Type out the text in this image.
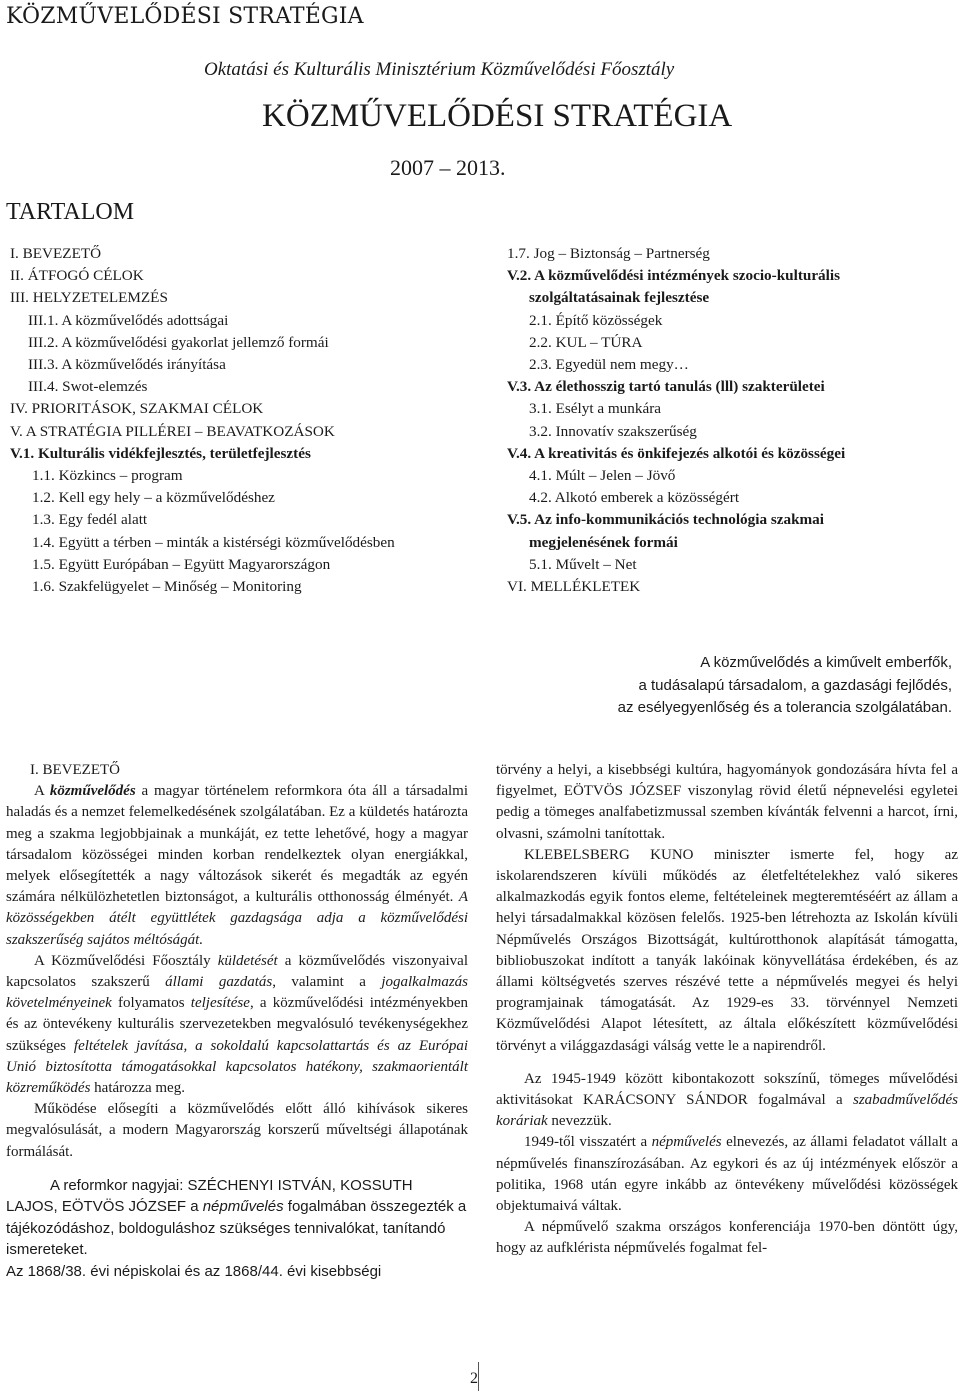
KÖZMŰVELŐDÉSI STRATÉGIA
Oktatási és Kulturális Minisztérium Közművelődési Főosztály
KÖZMŰVELŐDÉSI STRATÉGIA
2007 – 2013.
TARTALOM
I. BEVEZETŐ
II. ÁTFOGÓ CÉLOK
III. HELYZETELEMZÉS
III.1. A közművelődés adottságai
III.2. A közművelődési gyakorlat jellemző formái
III.3. A közművelődés irányítása
III.4. Swot-elemzés
IV. PRIORITÁSOK, SZAKMAI CÉLOK
V. A STRATÉGIA PILLÉREI – BEAVATKOZÁSOK
V.1. Kulturális vidékfejlesztés, területfejlesztés
1.1. Közkincs – program
1.2. Kell egy hely – a közművelődéshez
1.3. Egy fedél alatt
1.4. Együtt a térben – minták a kistérségi közművelődésben
1.5. Együtt Európában – Együtt Magyarországon
1.6. Szakfelügyelet – Minőség – Monitoring
1.7. Jog – Biztonság – Partnerség
V.2. A közművelődési intézmények szocio-kulturális
szolgáltatásainak fejlesztése
2.1. Építő közösségek
2.2. KUL – TÚRA
2.3. Egyedül nem megy…
V.3. Az élethosszig tartó tanulás (lll) szakterületei
3.1. Esélyt a munkára
3.2. Innovatív szakszerűség
V.4. A kreativitás és önkifejezés alkotói és közösségei
4.1. Múlt – Jelen – Jövő
4.2. Alkotó emberek a közösségért
V.5. Az info-kommunikációs technológia szakmai
megjelenésének formái
5.1. Művelt – Net
VI. MELLÉKLETEK
A közművelődés a kiművelt emberfők,
a tudásalapú társadalom, a gazdasági fejlődés,
az esélyegyenlőség és a tolerancia szolgálatában.
I. BEVEZETŐ

A közművelődés a magyar történelem reformkora óta áll a társadalmi haladás és a nemzet felemelkedésének szolgálatában. Ez a küldetés határozta meg a szakma legjobbjainak a munkáját, ez tette lehetővé, hogy a magyar társadalom közösségei minden korban rendelkeztek olyan energiákkal, melyek elősegítették a nagy változások sikerét és megadták az egyén számára nélkülözhetetlen biztonságot, a kulturális otthonosság élményét. A közösségekben átélt együttlétek gazdagsága adja a közművelődési szakszerűség sajátos méltóságát.

A Közművelődési Főosztály küldetését a közművelődés viszonyaival kapcsolatos szakszerű állami gazdatás, valamint a jogalkalmazás követelményeinek folyamatos teljesítése, a közművelődési intézményekben és az öntevékeny kulturális szervezetekben megvalósuló tevékenységekhez szükséges feltételek javítása, a sokoldalú kapcsolattartás és az Európai Unió biztosította támogatásokkal kapcsolatos hatékony, szakmaorientált közreműködés határozza meg.

Működése elősegíti a közművelődés előtt álló kihívások sikeres megvalósulását, a modern Magyarország korszerű műveltségi állapotának formálását.

A reformkor nagyjai: SZÉCHENYI ISTVÁN, KOSSUTH LAJOS, EÖTVÖS JÓZSEF a népművelés fogalmában összegezték a tájékozódáshoz, boldoguláshoz szükséges tennivalókat, tanítandó ismereteket.
Az 1868/38. évi népiskolai és az 1868/44. évi kisebbségi

törvény a helyi, a kisebbségi kultúra, hagyományok gondozására hívta fel a figyelmet, EÖTVÖS JÓZSEF viszonylag rövid életű népnevelési egyletei pedig a tömeges analfabetizmussal szemben kívánták felvenni a harcot, írni, olvasni, számolni tanítottak.

KLEBELSBERG KUNO miniszter ismerte fel, hogy az iskolarendszeren kívüli működés az életfeltételekhez való sikeres alkalmazkodás egyik fontos eleme, feltételeinek megteremtéséért az állam a helyi társadalmakkal közösen felelős. 1925-ben létrehozta az Iskolán kívüli Népművelés Országos Bizottságát, kultúrotthonok alapítását támogatta, bibliobuszokat indított a tanyák lakóinak könyvellátása érdekében, és az állami költségvetés szerves részévé tette a népművelés megyei és helyi programjainak támogatását. Az 1929-es 33. törvénnyel Nemzeti Közművelődési Alapot létesített, az általa előkészített közművelődési törvényt a világgazdasági válság vette le a napirendről.

Az 1945-1949 között kibontakozott sokszínű, tömeges művelődési aktivitásokat KARÁCSONY SÁNDOR fogalmával a szabadművelődés koráriak nevezzük.

1949-től visszatért a népművelés elnevezés, az állami feladatot vállalt a népművelés finanszírozásában. Az egykori és az új intézmények először a politika, 1968 után egyre inkább az öntevékeny művelődési közösségek objektumaivá váltak.

A népművelő szakma országos konferenciája 1970-ben döntött úgy, hogy az aufklérista népművelés fogalmat fel-

2
